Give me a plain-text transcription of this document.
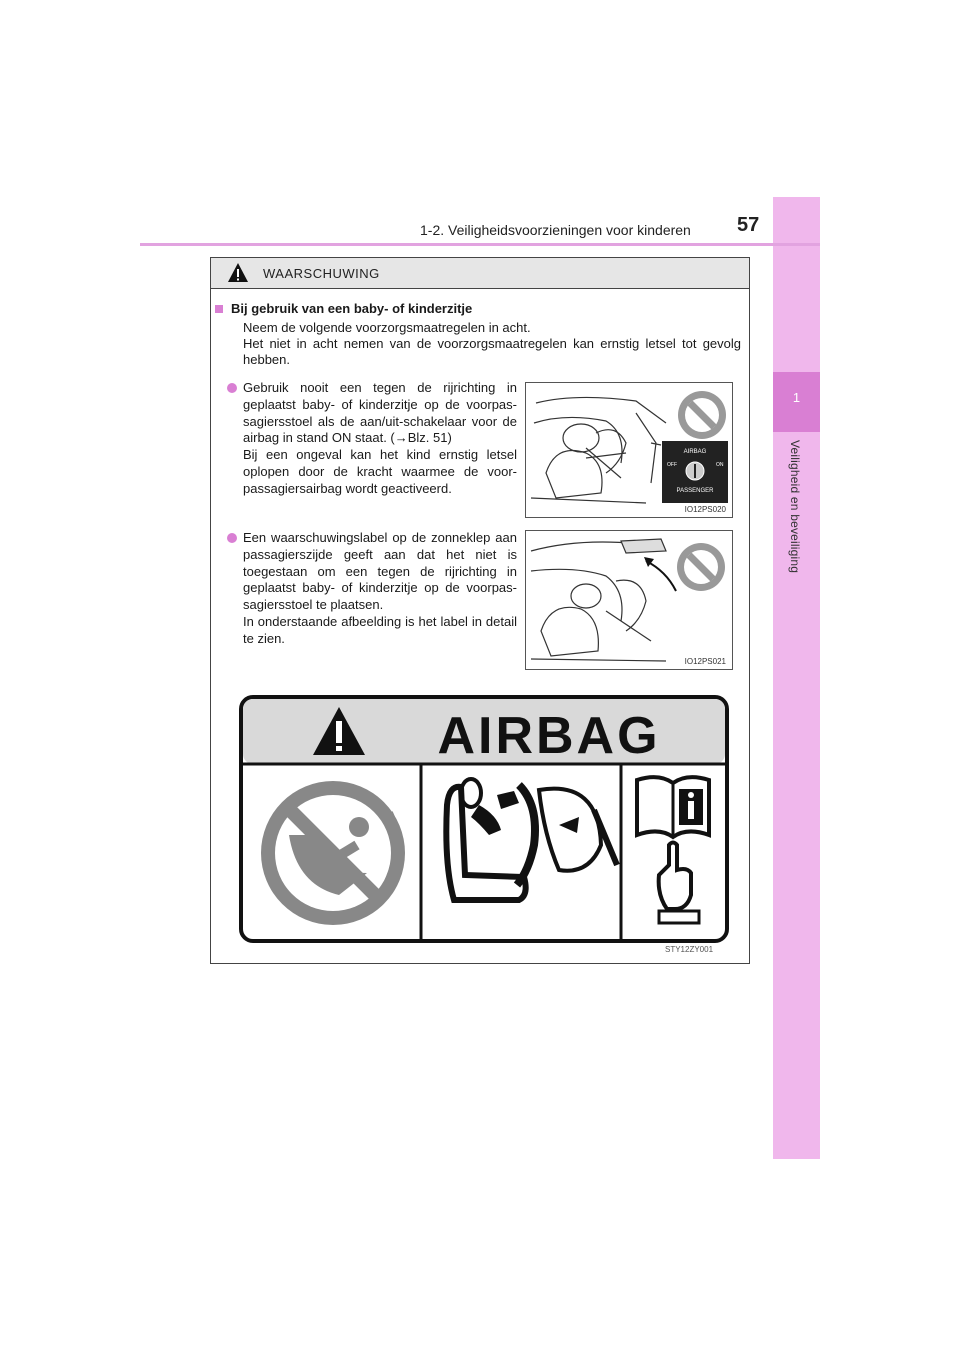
1
Veiligheid en beveiliging
1-2. Veiligheidsvoorzieningen voor kinderen 57
WAARSCHUWING
Bij gebruik van een baby- of kinderzitje

Neem de volgende voorzorgsmaatregelen in acht.

Het niet in acht nemen van de voorzorgsmaatregelen kan ernstig letsel tot gevolg hebben.

Gebruik nooit een tegen de rijrichting in geplaatst baby- of kinderzitje op de voorpas-sagiersstoel als de aan/uit-schakelaar voor de airbag in stand ON staat. (→Blz. 51)

Bij een ongeval kan het kind ernstig letsel oplopen door de kracht waarmee de voor-passagiersairbag wordt geactiveerd.

AIRBAG
OFF	ON
PASSENGER
IO12PS020

Een waarschuwingslabel op de zonneklep aan passagierszijde geeft aan dat het niet is toegestaan om een tegen de rijrichting in geplaatst baby- of kinderzitje op de voorpas-sagiersstoel te plaatsen.

In onderstaande afbeelding is het label in detail te zien.

IO12PS021
AIRBAG
STY12ZY001
